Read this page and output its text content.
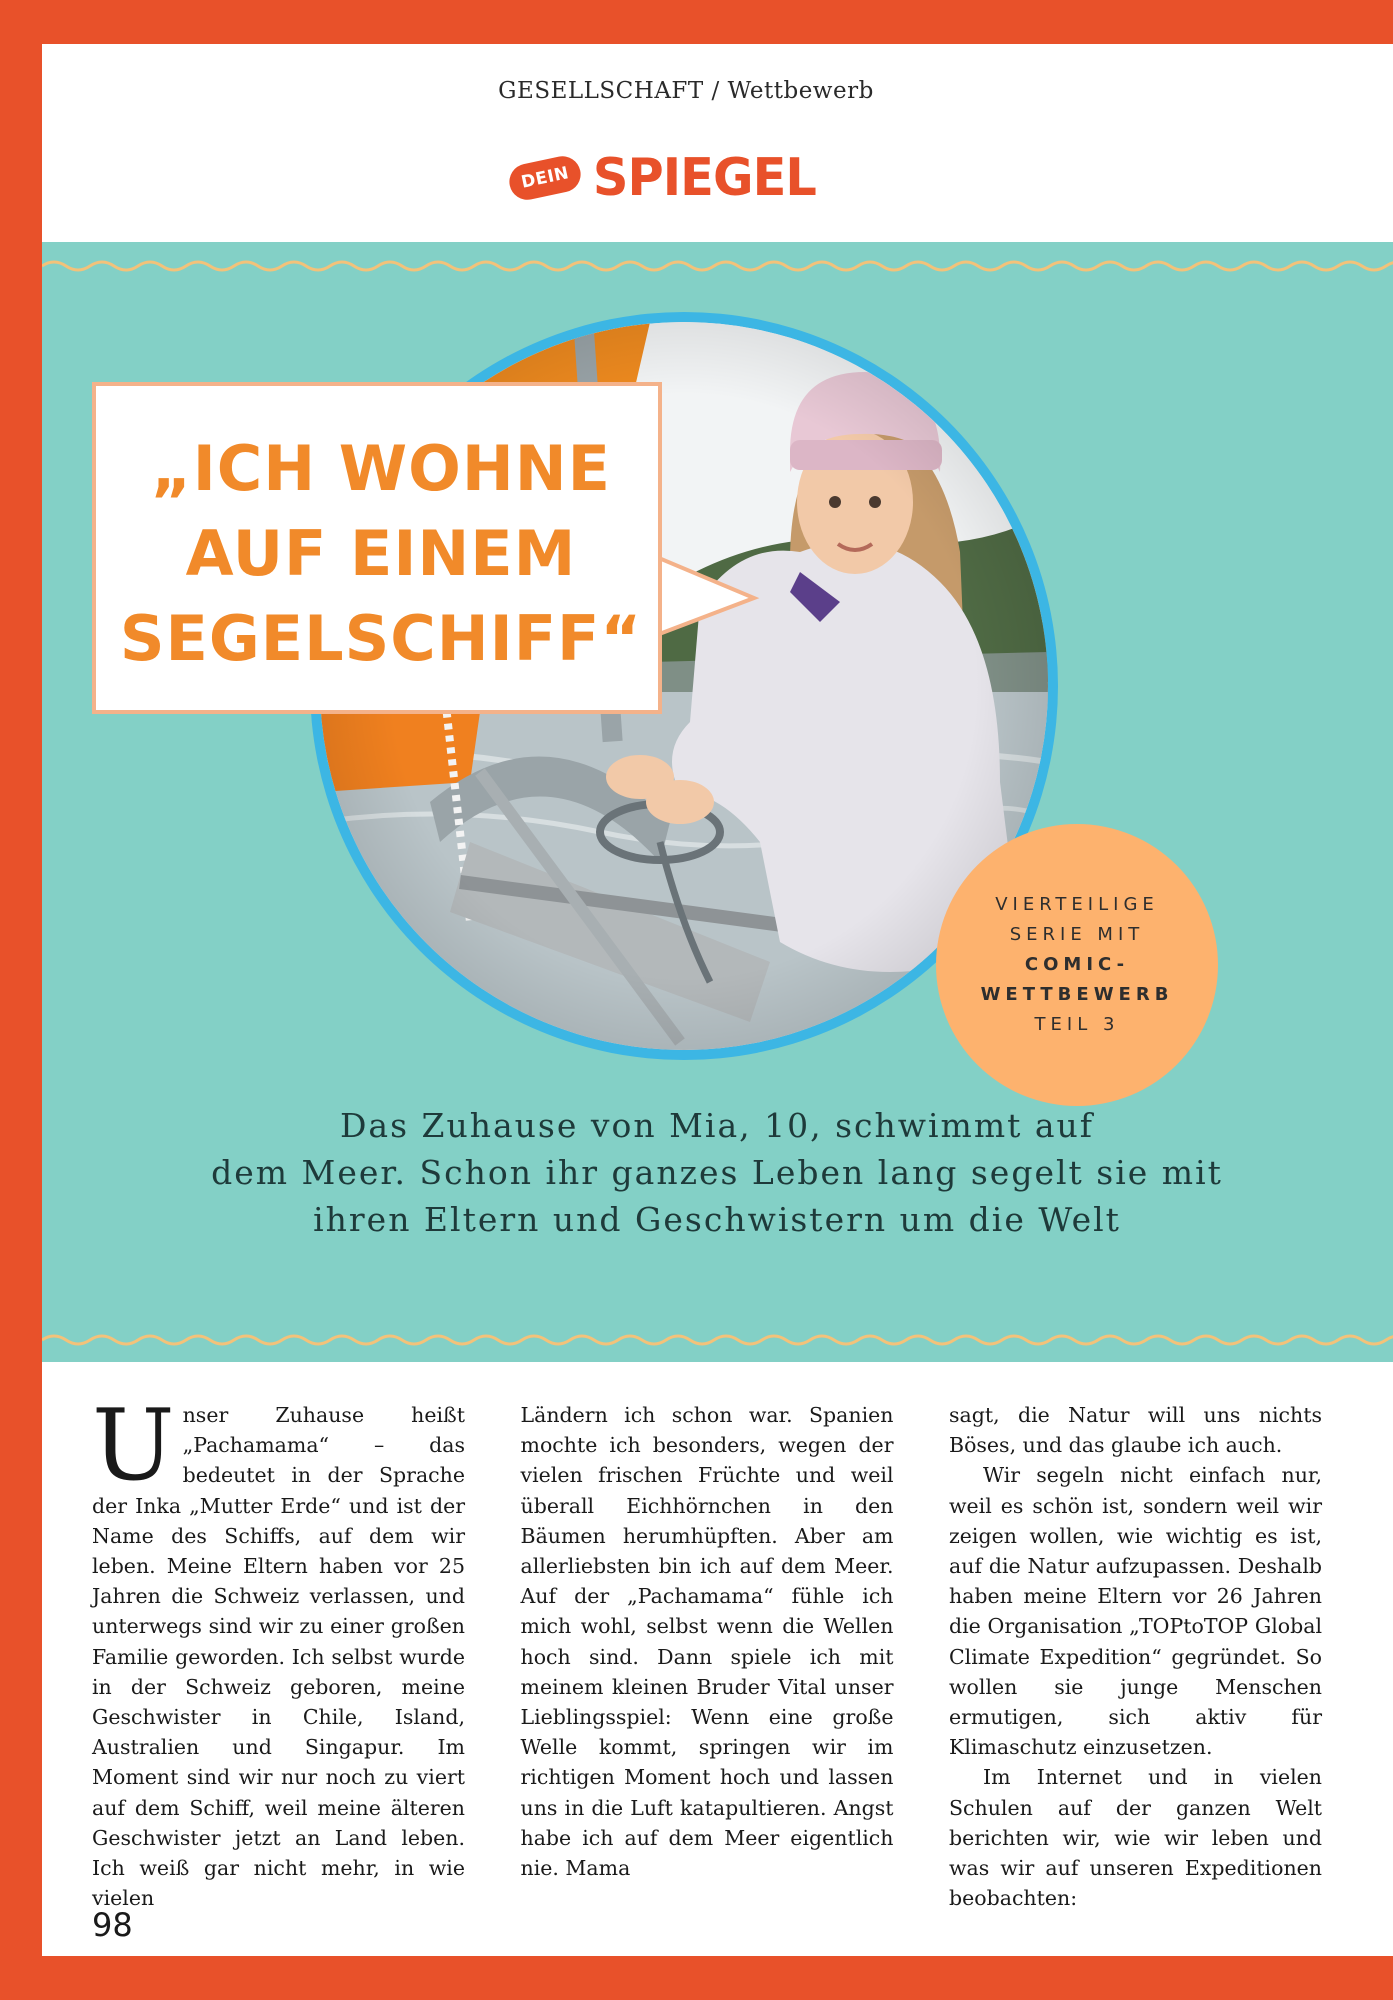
GESELLSCHAFT / Wettbewerb
DEIN SPIEGEL
„ICH WOHNE
AUF EINEM
SEGELSCHIFF“
VIERTEILIGE
SERIE MIT
COMIC-
WETTBEWERB
TEIL 3
Das Zuhause von Mia, 10, schwimmt auf
dem Meer. Schon ihr ganzes Leben lang segelt sie mit
ihren Eltern und Geschwistern um die Welt

Unser Zuhause heißt „Pachamama“ – das bedeutet in der Sprache der Inka „Mutter Erde“ und ist der Name des Schiffs, auf dem wir leben. Meine Eltern haben vor 25 Jahren die Schweiz verlassen, und unterwegs sind wir zu einer großen Familie geworden. Ich selbst wurde in der Schweiz geboren, meine Geschwister in Chile, Island, Australien und Singapur. Im Moment sind wir nur noch zu viert auf dem Schiff, weil meine älteren Geschwister jetzt an Land leben. Ich weiß gar nicht mehr, in wie vielen

Ländern ich schon war. Spanien mochte ich besonders, wegen der vielen frischen Früchte und weil überall Eichhörnchen in den Bäumen herumhüpften. Aber am allerliebsten bin ich auf dem Meer. Auf der „Pachamama“ fühle ich mich wohl, selbst wenn die Wellen hoch sind. Dann spiele ich mit meinem kleinen Bruder Vital unser Lieblingsspiel: Wenn eine große Welle kommt, springen wir im richtigen Moment hoch und lassen uns in die Luft katapultieren. Angst habe ich auf dem Meer eigentlich nie. Mama

sagt, die Natur will uns nichts Böses, und das glaube ich auch.

Wir segeln nicht einfach nur, weil es schön ist, sondern weil wir zeigen wollen, wie wichtig es ist, auf die Natur aufzupassen. Deshalb haben meine Eltern vor 26 Jahren die Organisation „TOPtoTOP Global Climate Expedition“ gegründet. So wollen sie junge Menschen ermutigen, sich aktiv für Klimaschutz einzusetzen.

Im Internet und in vielen Schulen auf der ganzen Welt berichten wir, wie wir leben und was wir auf unseren Expeditionen beobachten:

98
